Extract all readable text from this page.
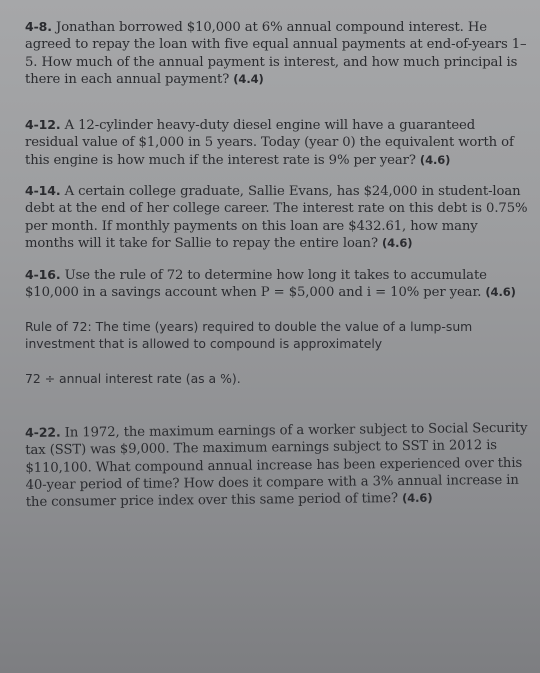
4-8. Jonathan borrowed $10,000 at 6% annual compound interest. He agreed to repay the loan with five equal annual payments at end-of-years 1–5. How much of the annual payment is interest, and how much principal is there in each annual payment? (4.4)
4-12. A 12-cylinder heavy-duty diesel engine will have a guaranteed residual value of $1,000 in 5 years. Today (year 0) the equivalent worth of this engine is how much if the interest rate is 9% per year? (4.6)
4-14. A certain college graduate, Sallie Evans, has $24,000 in student-loan debt at the end of her college career. The interest rate on this debt is 0.75% per month. If monthly payments on this loan are $432.61, how many months will it take for Sallie to repay the entire loan? (4.6)
4-16. Use the rule of 72 to determine how long it takes to accumulate $10,000 in a savings account when P = $5,000 and i = 10% per year. (4.6)
Rule of 72: The time (years) required to double the value of a lump-sum investment that is allowed to compound is approximately
72 ÷ annual interest rate (as a %).
4-22. In 1972, the maximum earnings of a worker subject to Social Security tax (SST) was $9,000. The maximum earnings subject to SST in 2012 is $110,100. What compound annual increase has been experienced over this 40-year period of time? How does it compare with a 3% annual increase in the consumer price index over this same period of time? (4.6)
